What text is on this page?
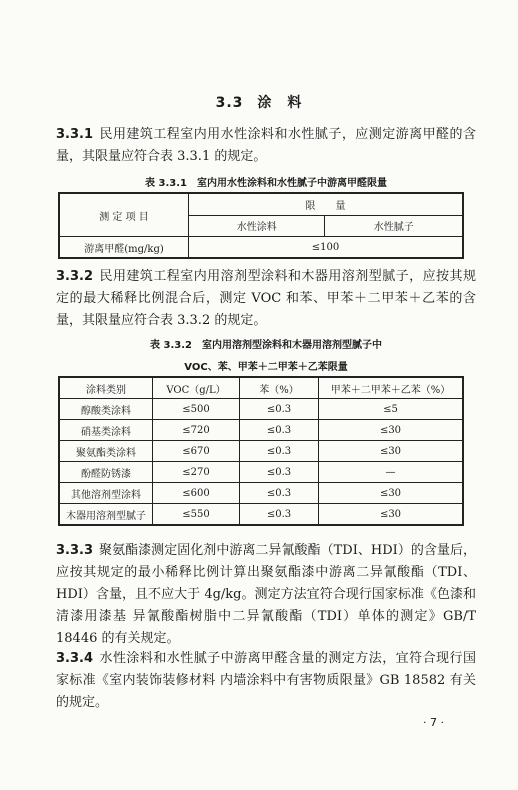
3.3 涂　料
3.3.1 民用建筑工程室内用水性涂料和水性腻子，应测定游离甲醛的含量，其限量应符合表 3.3.1 的规定。
表 3.3.1　室内用水性涂料和水性腻子中游离甲醛限量
测 定 项 目	限　　量	
	水性涂料	水性腻子
游离甲醛(mg/kg)	≤100	
3.3.2 民用建筑工程室内用溶剂型涂料和木器用溶剂型腻子，应按其规定的最大稀释比例混合后，测定 VOC 和苯、甲苯＋二甲苯＋乙苯的含量，其限量应符合表 3.3.2 的规定。
表 3.3.2　室内用溶剂型涂料和木器用溶剂型腻子中
VOC、苯、甲苯＋二甲苯＋乙苯限量
涂料类别	VOC（g/L）	苯（%）	甲苯＋二甲苯＋乙苯（%）
醇酸类涂料	≤500	≤0.3	≤5
硝基类涂料	≤720	≤0.3	≤30
聚氨酯类涂料	≤670	≤0.3	≤30
酚醛防锈漆	≤270	≤0.3	—
其他溶剂型涂料	≤600	≤0.3	≤30
木器用溶剂型腻子	≤550	≤0.3	≤30
3.3.3 聚氨酯漆测定固化剂中游离二异氰酸酯（TDI、HDI）的含量后，应按其规定的最小稀释比例计算出聚氨酯漆中游离二异氰酸酯（TDI、HDI）含量，且不应大于 4g/kg。测定方法宜符合现行国家标准《色漆和清漆用漆基 异氰酸酯树脂中二异氰酸酯（TDI）单体的测定》GB/T 18446 的有关规定。
3.3.4 水性涂料和水性腻子中游离甲醛含量的测定方法，宜符合现行国家标准《室内装饰装修材料 内墙涂料中有害物质限量》GB 18582 有关的规定。
· 7 ·
